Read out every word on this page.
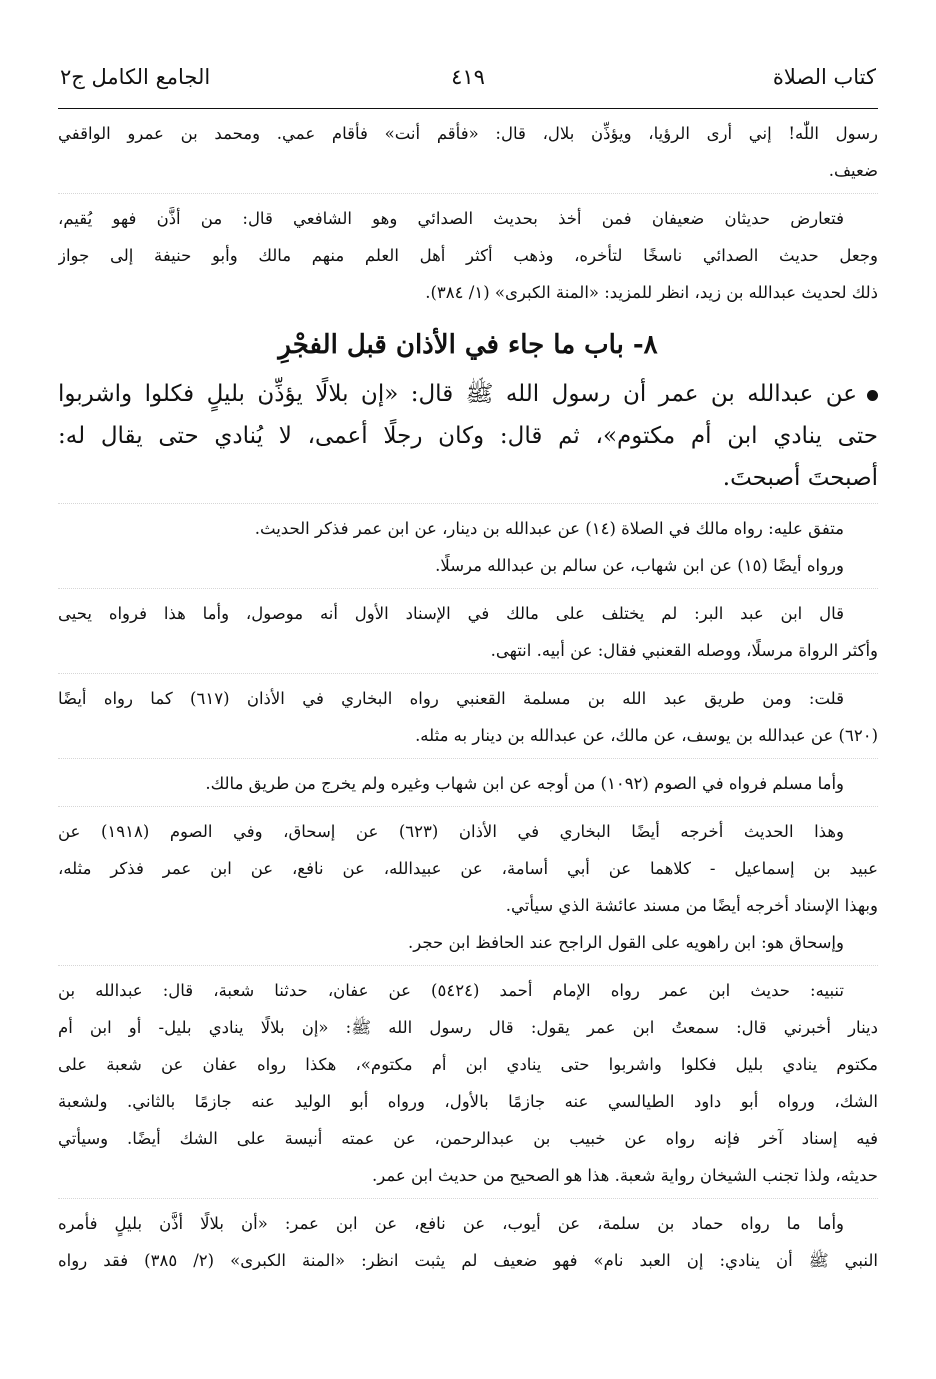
كتاب الصلاة
٤١٩
الجامع الكامل ج٢

رسول اللّٰه! إني أرى الرؤيا، ويؤذِّن بلال، قال: «فأقم أنت» فأقام عمي. ومحمد بن عمرو الواقفي
ضعيف.

فتعارض حديثان ضعيفان فمن أخذ بحديث الصدائي وهو الشافعي قال: من أذَّن فهو يُقيم،
وجعل حديث الصدائي ناسخًا لتأخره، وذهب أكثر أهل العلم منهم مالك وأبو حنيفة إلى جواز
ذلك لحديث عبدالله بن زيد، انظر للمزيد: «المنة الكبرى» (١/ ٣٨٤).

٨- باب ما جاء في الأذان قبل الفجْرِ

عن عبدالله بن عمر أن رسول الله ﷺ قال: «إن بلالًا يؤذِّن بليلٍ فكلوا واشربوا
حتى ينادي ابن أم مكتوم»، ثم قال: وكان رجلًا أعمى، لا يُنادي حتى يقال له:
أصبحتَ أصبحتَ.

متفق عليه: رواه مالك في الصلاة (١٤) عن عبدالله بن دينار، عن ابن عمر فذكر الحديث.

ورواه أيضًا (١٥) عن ابن شهاب، عن سالم بن عبدالله مرسلًا.

قال ابن عبد البر: لم يختلف على مالك في الإسناد الأول أنه موصول، وأما هذا فرواه يحيى
وأكثر الرواة مرسلًا، ووصله القعنبي فقال: عن أبيه. انتهى.

قلت: ومن طريق عبد الله بن مسلمة القعنبي رواه البخاري في الأذان (٦١٧) كما رواه أيضًا
(٦٢٠) عن عبدالله بن يوسف، عن مالك، عن عبدالله بن دينار به مثله.

وأما مسلم فرواه في الصوم (١٠٩٢) من أوجه عن ابن شهاب وغيره ولم يخرج من طريق مالك.

وهذا الحديث أخرجه أيضًا البخاري في الأذان (٦٢٣) عن إسحاق، وفي الصوم (١٩١٨) عن
عبيد بن إسماعيل - كلاهما عن أبي أسامة، عن عبيدالله، عن نافع، عن ابن عمر فذكر مثله،
وبهذا الإسناد أخرجه أيضًا من مسند عائشة الذي سيأتي.

وإسحاق هو: ابن راهويه على القول الراجح عند الحافظ ابن حجر.

تنبيه: حديث ابن عمر رواه الإمام أحمد (٥٤٢٤) عن عفان، حدثنا شعبة، قال: عبدالله بن
دينار أخبرني قال: سمعتُ ابن عمر يقول: قال رسول الله ﷺ: «إن بلالًا ينادي بليل- أو ابن أم
مكتوم ينادي بليل فكلوا واشربوا حتى ينادي ابن أم مكتوم»، هكذا رواه عفان عن شعبة على
الشك، ورواه أبو داود الطيالسي عنه جازمًا بالأول، ورواه أبو الوليد عنه جازمًا بالثاني. ولشعبة
فيه إسناد آخر فإنه رواه عن خبيب بن عبدالرحمن، عن عمته أنيسة على الشك أيضًا. وسيأتي
حديثه، ولذا تجنب الشيخان رواية شعبة. هذا هو الصحيح من حديث ابن عمر.

وأما ما رواه حماد بن سلمة، عن أيوب، عن نافع، عن ابن عمر: «أن بلالًا أذَّن بليلٍ فأمره
النبي ﷺ أن ينادي: إن العبد نام» فهو ضعيف لم يثبت انظر: «المنة الكبرى» (٢/ ٣٨٥) فقد رواه
